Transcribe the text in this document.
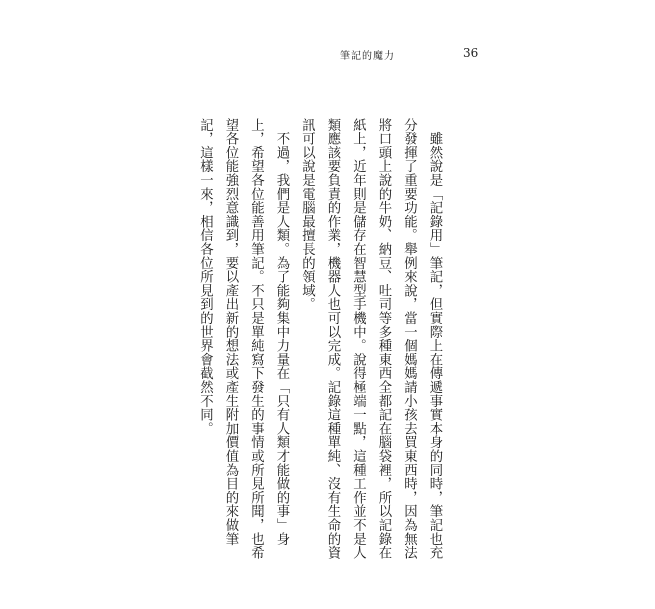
筆記的魔力	36

　雖然說是「記錄用」筆記，但實際上在傳遞事實本身的同時，筆記也充分發揮了重要功能。舉例來說，當一個媽媽請小孩去買東西時，因為無法將口頭上說的牛奶、納豆、吐司等多種東西全都記在腦袋裡，所以記錄在紙上，近年則是儲存在智慧型手機中。說得極端一點，這種工作並不是人類應該要負責的作業，機器人也可以完成。記錄這種單純、沒有生命的資訊可以說是電腦最擅長的領域。

　不過，我們是人類。為了能夠集中力量在「只有人類才能做的事」身上，希望各位能善用筆記。不只是單純寫下發生的事情或所見所聞，也希望各位能強烈意識到，要以產出新的想法或產生附加價值為目的來做筆記，這樣一來，相信各位所見到的世界會截然不同。
